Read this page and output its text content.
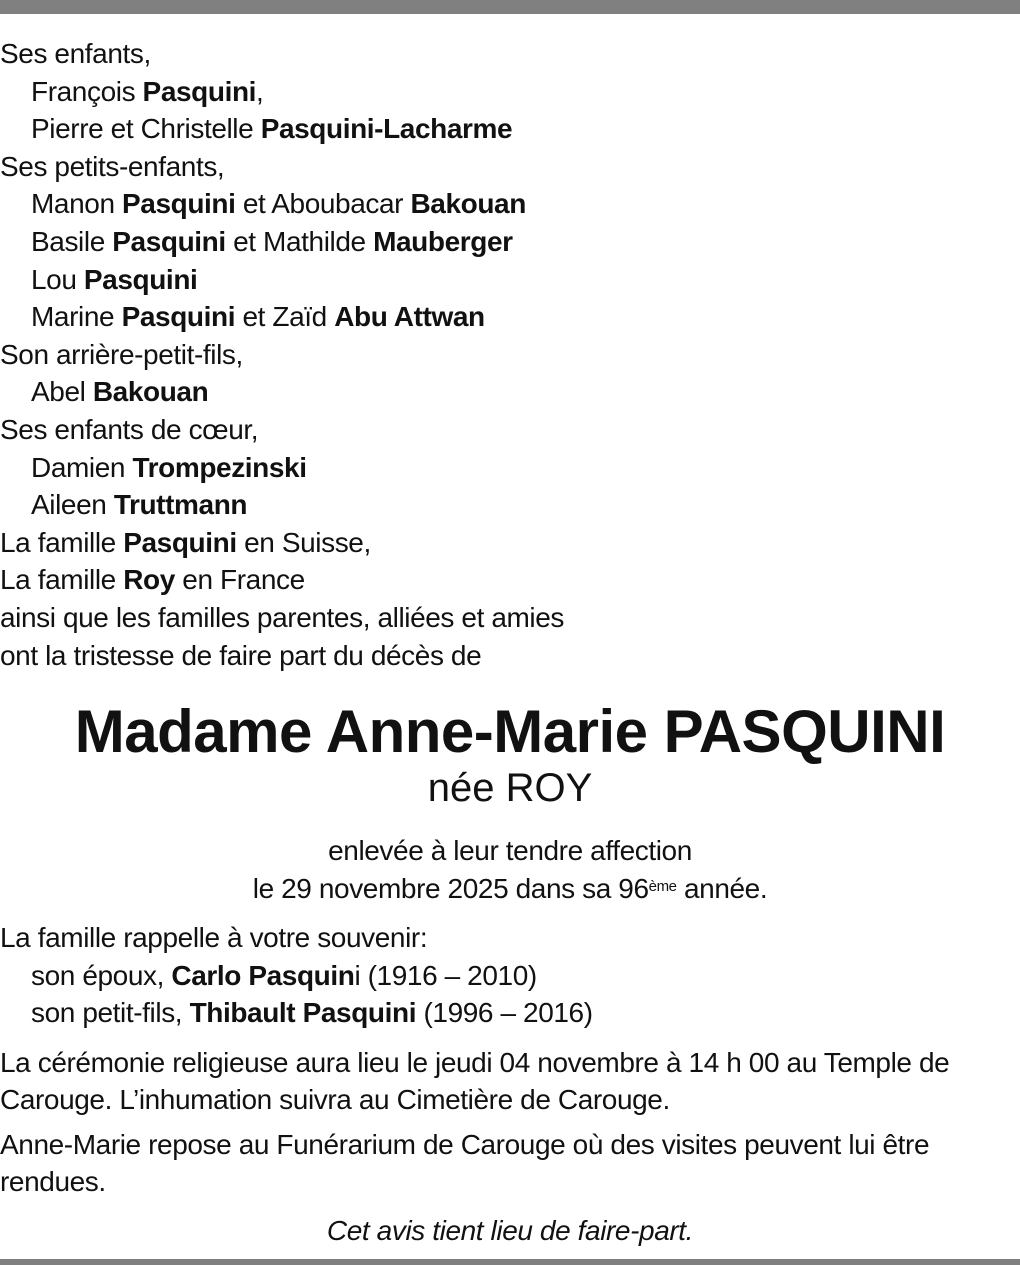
Ses enfants,
François Pasquini,
Pierre et Christelle Pasquini-Lacharme
Ses petits-enfants,
Manon Pasquini et Aboubacar Bakouan
Basile Pasquini et Mathilde Mauberger
Lou Pasquini
Marine Pasquini et Zaïd Abu Attwan
Son arrière-petit-fils,
Abel Bakouan
Ses enfants de cœur,
Damien Trompezinski
Aileen Truttmann
La famille Pasquini en Suisse,
La famille Roy en France
ainsi que les familles parentes, alliées et amies
ont la tristesse de faire part du décès de
Madame Anne-Marie PASQUINI
née ROY
enlevée à leur tendre affection
le 29 novembre 2025 dans sa 96ème année.
La famille rappelle à votre souvenir:
son époux, Carlo Pasquini (1916 – 2010)
son petit-fils, Thibault Pasquini (1996 – 2016)
La cérémonie religieuse aura lieu le jeudi 04 novembre à 14 h 00 au Temple de Carouge. L’inhumation suivra au Cimetière de Carouge.
Anne-Marie repose au Funérarium de Carouge où des visites peuvent lui être rendues.
Cet avis tient lieu de faire-part.
